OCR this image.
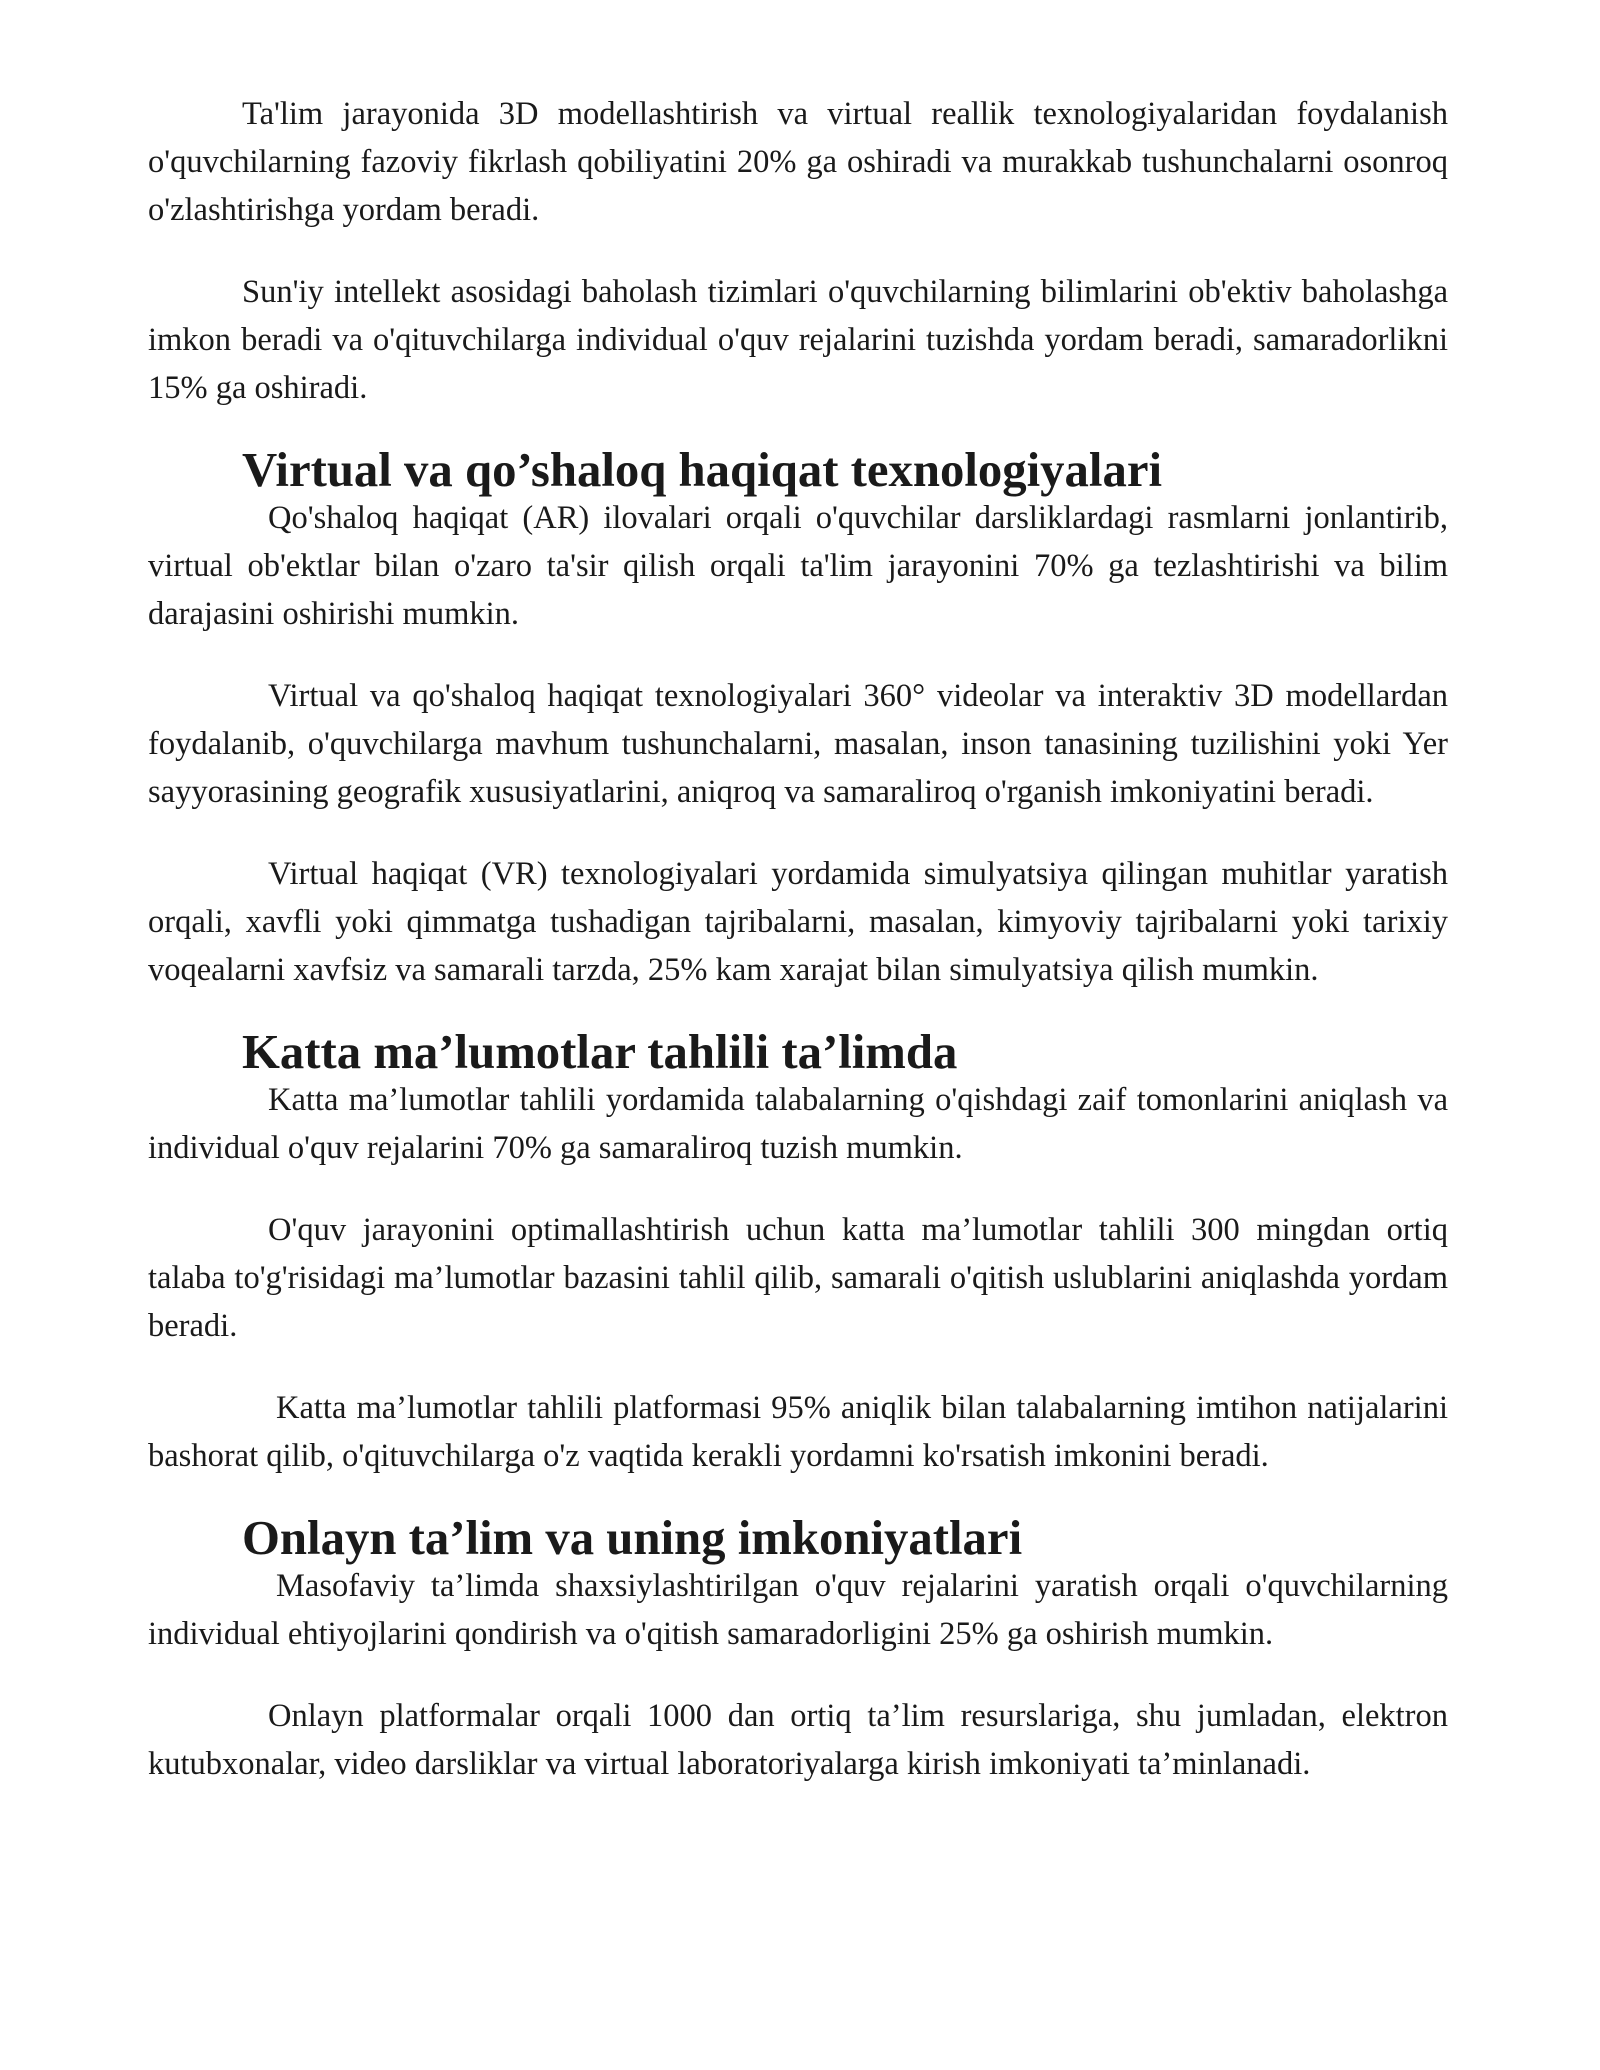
Ta'lim jarayonida 3D modellashtirish va virtual reallik texnologiyalaridan foydalanish o'quvchilarning fazoviy fikrlash qobiliyatini 20% ga oshiradi va murakkab tushunchalarni osonroq o'zlashtirishga yordam beradi.

Sun'iy intellekt asosidagi baholash tizimlari o'quvchilarning bilimlarini ob'ektiv baholashga imkon beradi va o'qituvchilarga individual o'quv rejalarini tuzishda yordam beradi, samaradorlikni 15% ga oshiradi.

Virtual va qo’shaloq haqiqat texnologiyalari

Qo'shaloq haqiqat (AR) ilovalari orqali o'quvchilar darsliklardagi rasmlarni jonlantirib, virtual ob'ektlar bilan o'zaro ta'sir qilish orqali ta'lim jarayonini 70% ga tezlashtirishi va bilim darajasini oshirishi mumkin.

Virtual va qo'shaloq haqiqat texnologiyalari 360° videolar va interaktiv 3D modellardan foydalanib, o'quvchilarga mavhum tushunchalarni, masalan, inson tanasining tuzilishini yoki Yer sayyorasining geografik xususiyatlarini, aniqroq va samaraliroq o'rganish imkoniyatini beradi.

Virtual haqiqat (VR) texnologiyalari yordamida simulyatsiya qilingan muhitlar yaratish orqali, xavfli yoki qimmatga tushadigan tajribalarni, masalan, kimyoviy tajribalarni yoki tarixiy voqealarni xavfsiz va samarali tarzda, 25% kam xarajat bilan simulyatsiya qilish mumkin.

Katta ma’lumotlar tahlili ta’limda

Katta ma’lumotlar tahlili yordamida talabalarning o'qishdagi zaif tomonlarini aniqlash va individual o'quv rejalarini 70% ga samaraliroq tuzish mumkin.

O'quv jarayonini optimallashtirish uchun katta ma’lumotlar tahlili 300 mingdan ortiq talaba to'g'risidagi ma’lumotlar bazasini tahlil qilib, samarali o'qitish uslublarini aniqlashda yordam beradi.

Katta ma’lumotlar tahlili platformasi 95% aniqlik bilan talabalarning imtihon natijalarini bashorat qilib, o'qituvchilarga o'z vaqtida kerakli yordamni ko'rsatish imkonini beradi.

Onlayn ta’lim va uning imkoniyatlari

Masofaviy ta’limda shaxsiylashtirilgan o'quv rejalarini yaratish orqali o'quvchilarning individual ehtiyojlarini qondirish va o'qitish samaradorligini 25% ga oshirish mumkin.

Onlayn platformalar orqali 1000 dan ortiq ta’lim resurslariga, shu jumladan, elektron kutubxonalar, video darsliklar va virtual laboratoriyalarga kirish imkoniyati ta’minlanadi.
